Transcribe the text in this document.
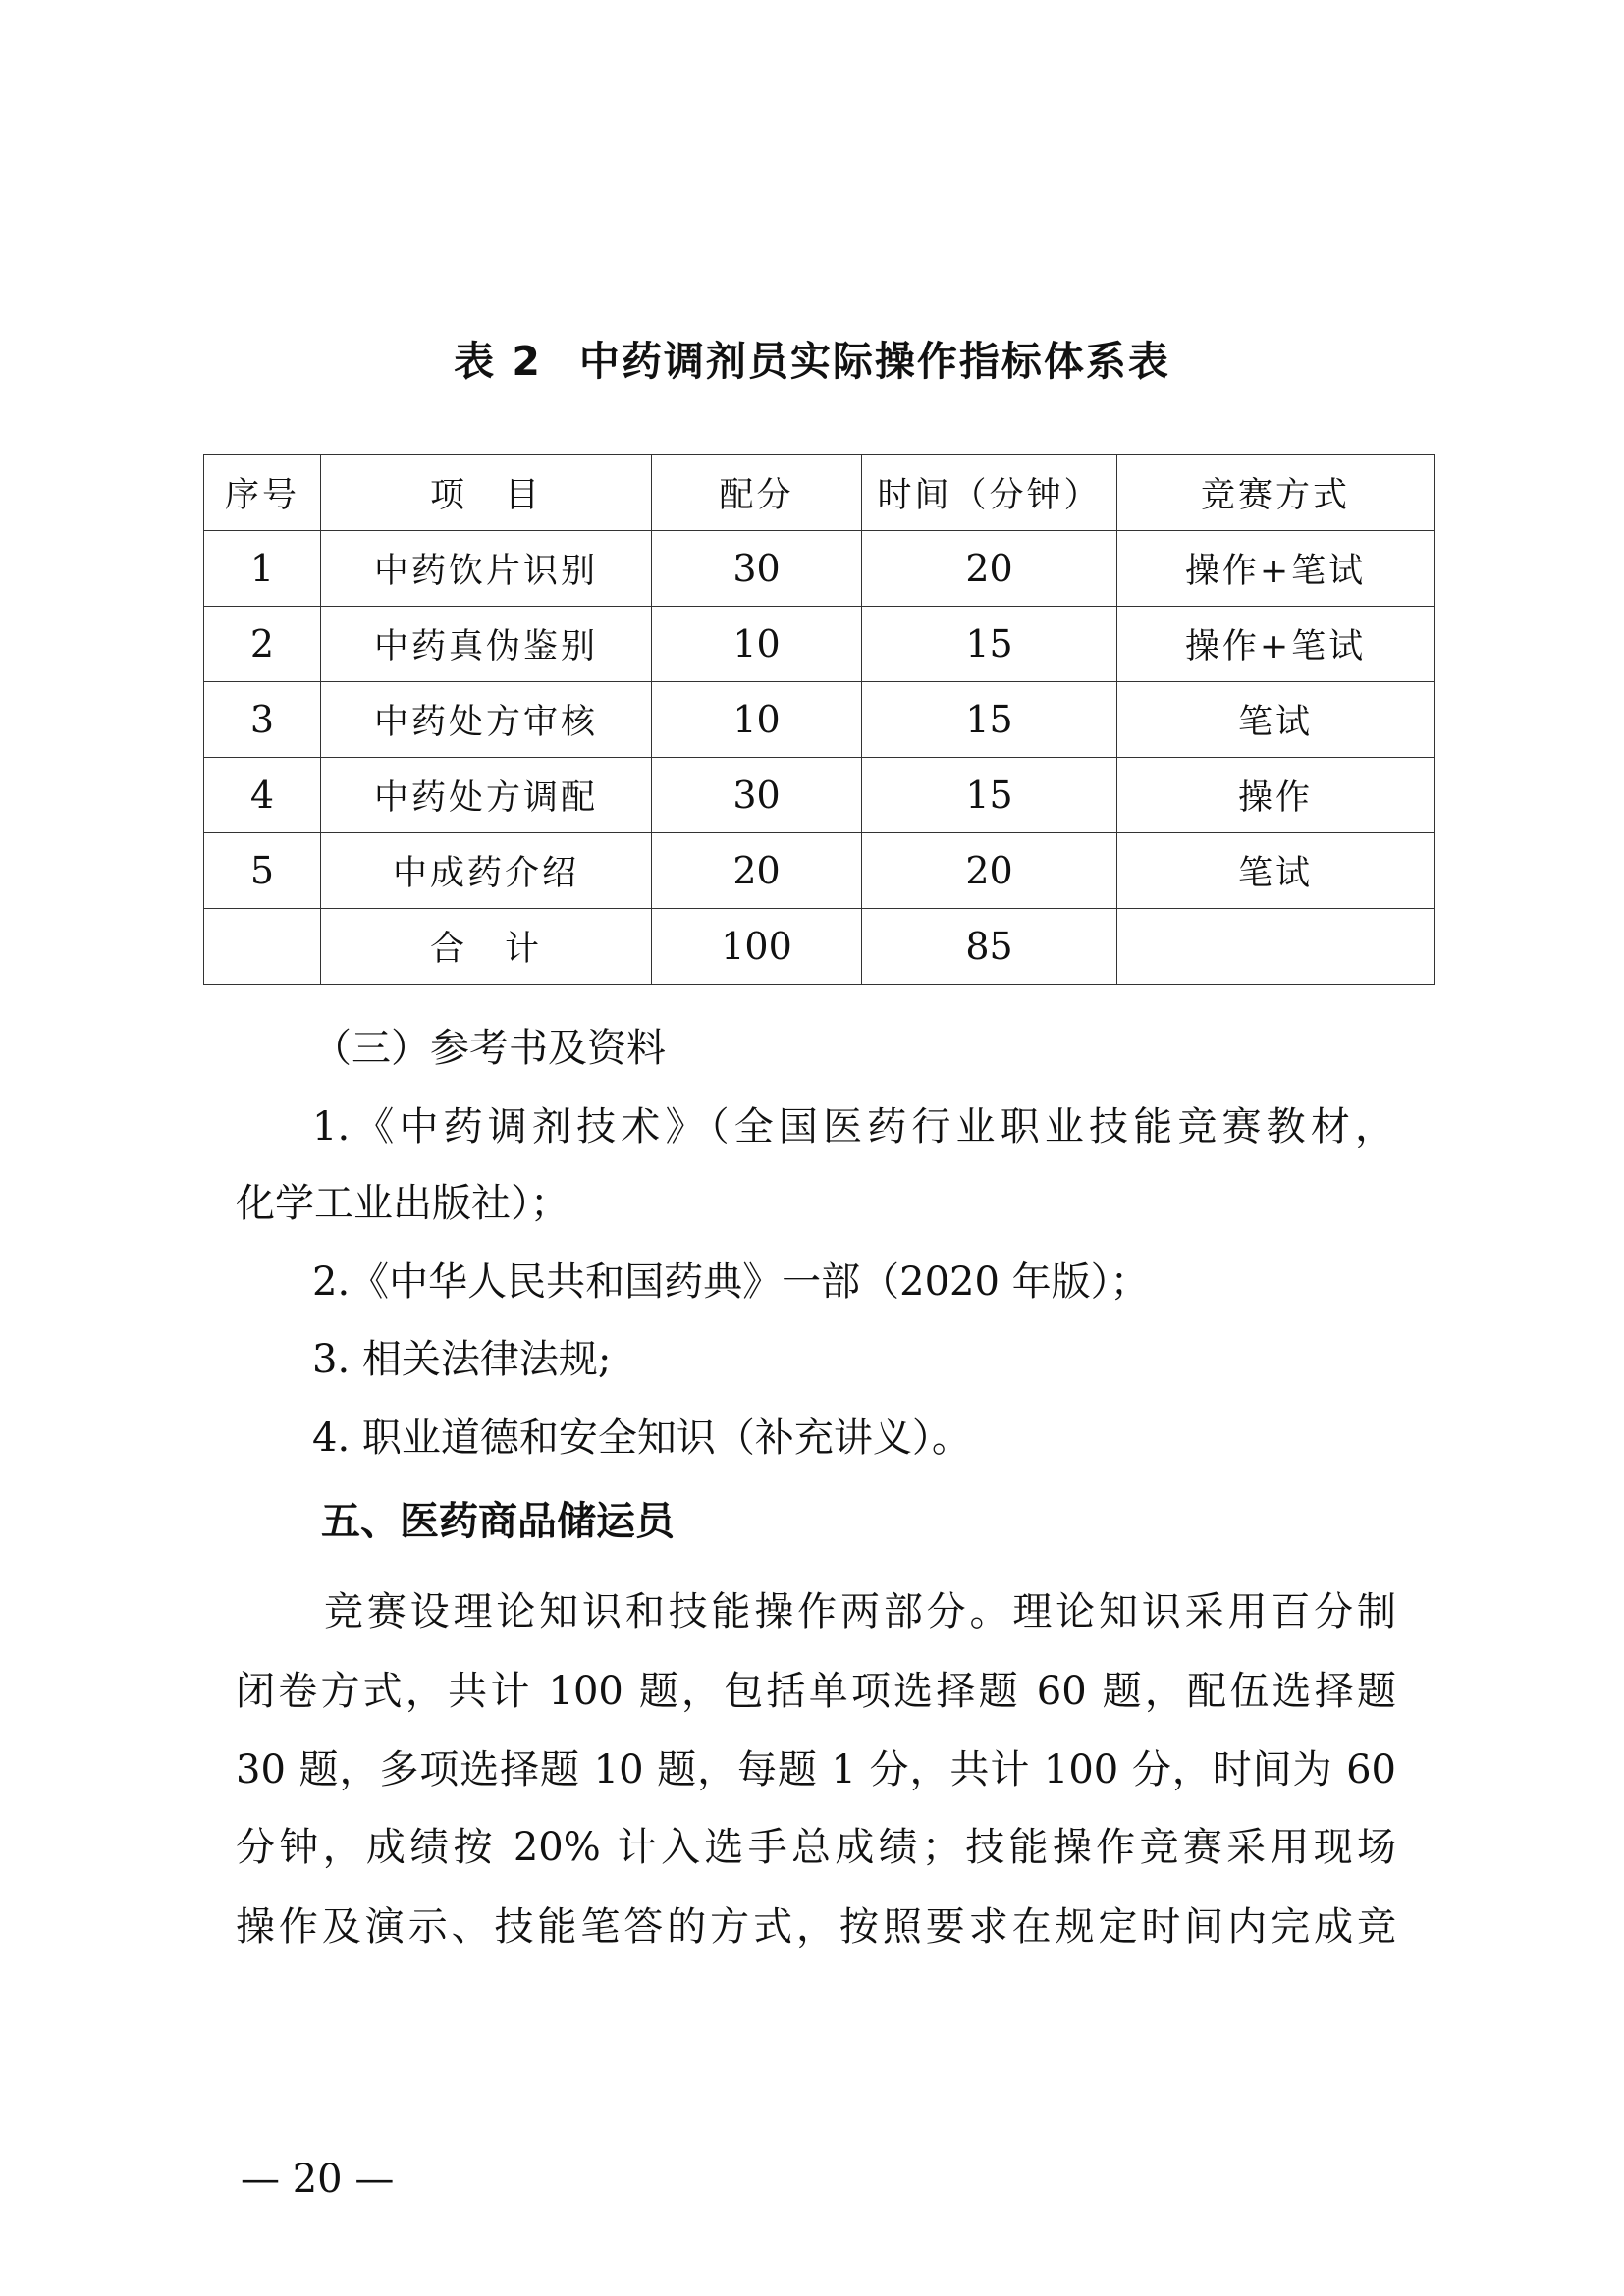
表 2 中药调剂员实际操作指标体系表
序号	项　目	配分	时间（分钟）	竞赛方式
1	中药饮片识别	30	20	操作+笔试
2	中药真伪鉴别	10	15	操作+笔试
3	中药处方审核	10	15	笔试
4	中药处方调配	30	15	操作
5	中成药介绍	20	20	笔试
	合　计	100	85	
（三）参考书及资料
1.《中药调剂技术》（全国医药行业职业技能竞赛教材，
化学工业出版社）；
2.《中华人民共和国药典》一部（2020 年版）；
3. 相关法律法规;
4. 职业道德和安全知识（补充讲义）。
五、医药商品储运员
竞赛设理论知识和技能操作两部分。理论知识采用百分制
闭卷方式，共计 100 题，包括单项选择题 60 题，配伍选择题
30 题，多项选择题 10 题，每题 1 分，共计 100 分，时间为 60
分钟，成绩按 20% 计入选手总成绩；技能操作竞赛采用现场
操作及演示、技能笔答的方式，按照要求在规定时间内完成竞
— 20 —
